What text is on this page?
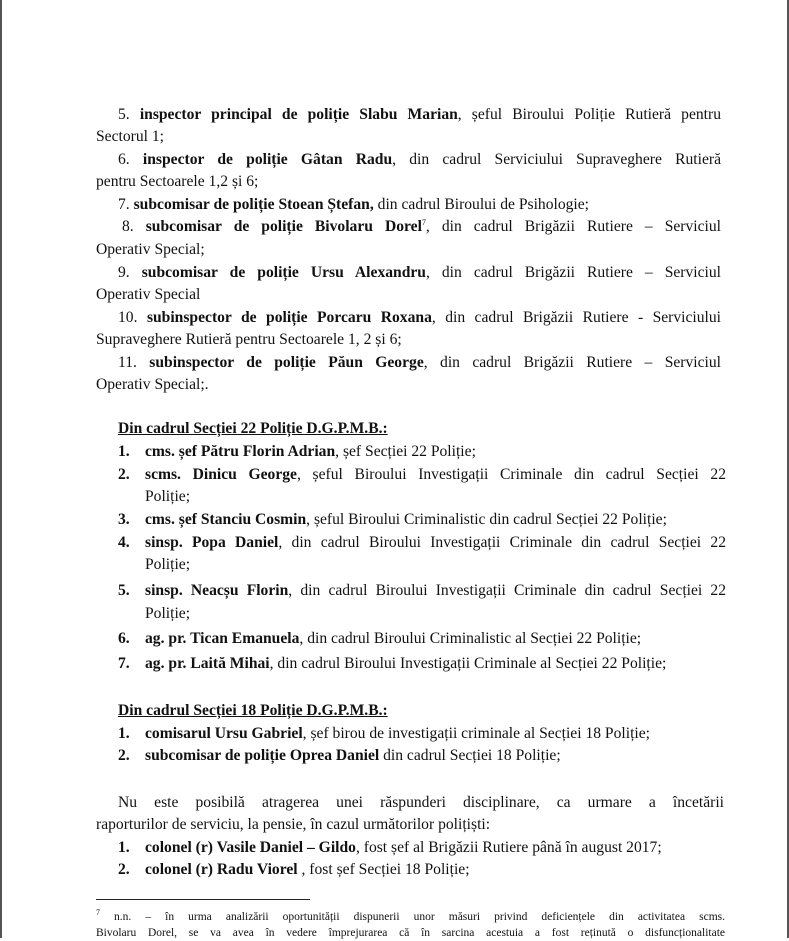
5. inspector principal de poliție Slabu Marian, șeful Biroului Poliție Rutieră pentru
Sectorul 1;
6. inspector de poliție Gâtan Radu, din cadrul Serviciului Supraveghere Rutieră
pentru Sectoarele 1,2 și 6;
7. subcomisar de poliție Stoean Ștefan, din cadrul Biroului de Psihologie;
8. subcomisar de poliție Bivolaru Dorel$^7$, din cadrul Brigăzii Rutiere – Serviciul
Operativ Special;
9. subcomisar de poliție Ursu Alexandru, din cadrul Brigăzii Rutiere – Serviciul
Operativ Special
10. subinspector de poliție Porcaru Roxana, din cadrul Brigăzii Rutiere - Serviciului
Supraveghere Rutieră pentru Sectoarele 1, 2 și 6;
11. subinspector de poliție Păun George, din cadrul Brigăzii Rutiere – Serviciul
Operativ Special;.
Din cadrul Secției 22 Poliție D.G.P.M.B.:
1. cms. șef Pătru Florin Adrian, șef Secției 22 Poliție;
2. scms. Dinicu George, șeful Biroului Investigații Criminale din cadrul Secției 22
Poliție;
3. cms. șef Stanciu Cosmin, șeful Biroului Criminalistic din cadrul Secției 22 Poliție;
4. sinsp. Popa Daniel, din cadrul Biroului Investigații Criminale din cadrul Secției 22
Poliție;
5. sinsp. Neacșu Florin, din cadrul Biroului Investigații Criminale din cadrul Secției 22
Poliție;
6. ag. pr. Tican Emanuela, din cadrul Biroului Criminalistic al Secției 22 Poliție;
7. ag. pr. Laită Mihai, din cadrul Biroului Investigații Criminale al Secției 22 Poliție;
Din cadrul Secției 18 Poliție D.G.P.M.B.:
1. comisarul Ursu Gabriel, șef birou de investigații criminale al Secției 18 Poliție;
2. subcomisar de poliție Oprea Daniel din cadrul Secției 18 Poliție;
Nu este posibilă atragerea unei răspunderi disciplinare, ca urmare a încetării
raporturilor de serviciu, la pensie, în cazul următorilor polițiști:
1. colonel (r) Vasile Daniel – Gildo, fost șef al Brigăzii Rutiere până în august 2017;
2. colonel (r) Radu Viorel , fost șef Secției 18 Poliție;
$^7$ n.n. – în urma analizării oportunității dispunerii unor măsuri privind deficiențele din activitatea scms.
Bivolaru Dorel, se va avea în vedere împrejurarea că în sarcina acestuia a fost reținută o disfuncționalitate
